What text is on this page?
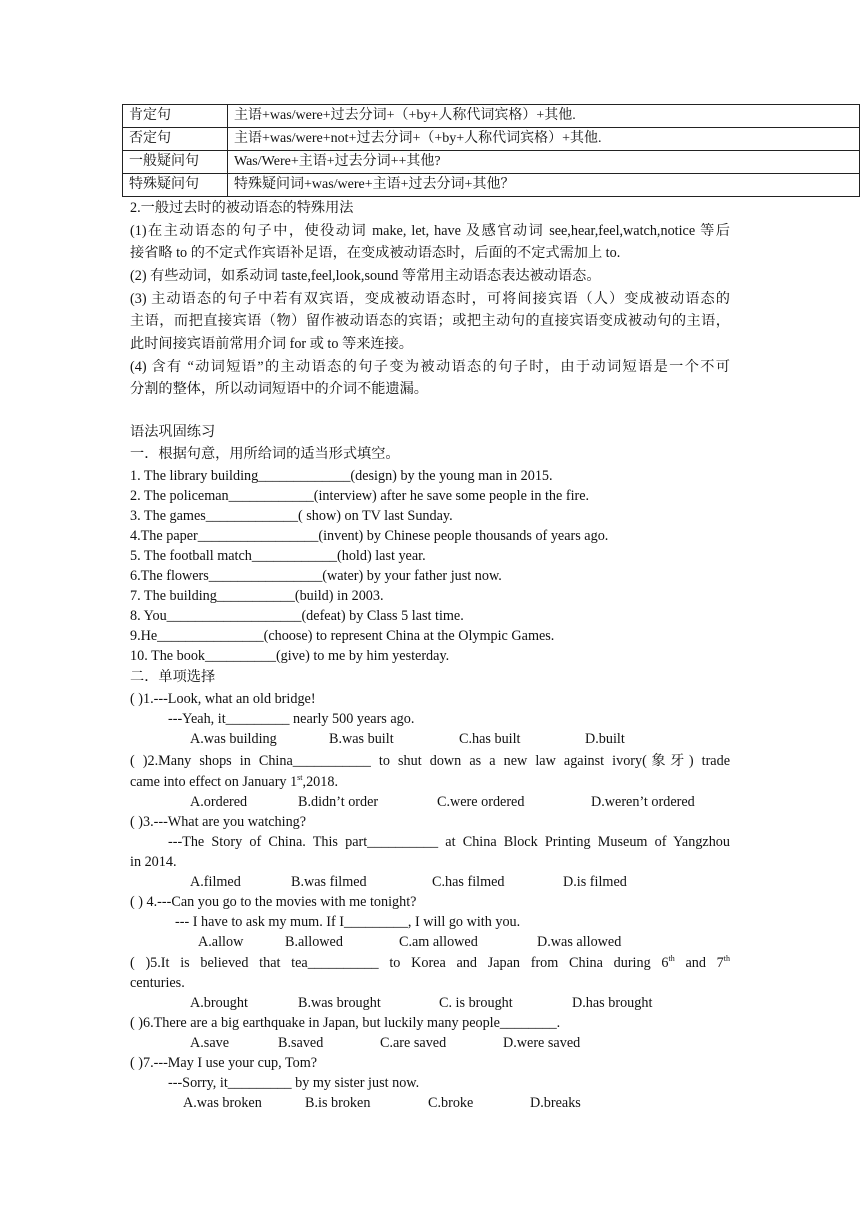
肯定句	主语+was/were+过去分词+（+by+人称代词宾格）+其他.
否定句	主语+was/were+not+过去分词+（+by+人称代词宾格）+其他.
一般疑问句	Was/Were+主语+过去分词++其他?
特殊疑问句	特殊疑问词+was/were+主语+过去分词+其他？
2.一般过去时的被动语态的特殊用法
(1)在主动语态的句子中，使役动词 make, let, have 及感官动词 see,hear,feel,watch,notice 等后
接省略 to 的不定式作宾语补足语，在变成被动语态时，后面的不定式需加上 to.
(2) 有些动词，如系动词 taste,feel,look,sound 等常用主动语态表达被动语态。
(3) 主动语态的句子中若有双宾语，变成被动语态时，可将间接宾语（人）变成被动语态的
主语，而把直接宾语（物）留作被动语态的宾语；或把主动句的直接宾语变成被动句的主语，
此时间接宾语前常用介词 for 或 to 等来连接。
(4) 含有 “动词短语”的主动语态的句子变为被动语态的句子时，由于动词短语是一个不可
分割的整体，所以动词短语中的介词不能遗漏。
语法巩固练习
一．根据句意，用所给词的适当形式填空。
1. The library building_____________(design) by the young man in 2015.
2. The policeman____________(interview) after he save some people in the fire.
3. The games_____________( show) on TV last Sunday.
4.The paper_________________(invent) by Chinese people thousands of years ago.
5. The football match____________(hold) last year.
6.The flowers________________(water) by your father just now.
7. The building___________(build) in 2003.
8. You___________________(defeat) by Class 5 last time.
9.He_______________(choose) to represent China at the Olympic Games.
10. The book__________(give) to me by him yesterday.
二．单项选择
( )1.---Look, what an old bridge!
---Yeah, it_________ nearly 500 years ago.
A.was building	B.was built	C.has built	D.built
( )2.Many shops in China___________ to shut down as a new law against ivory(象牙) trade
came into effect on January 1st,2018.
A.ordered	B.didn’t order	C.were ordered	D.weren’t ordered
( )3.---What are you watching?
---The Story of China. This part__________ at China Block Printing Museum of Yangzhou
in 2014.
A.filmed	B.was filmed	C.has filmed	D.is filmed
( ) 4.---Can you go to the movies with me tonight?
--- I have to ask my mum. If I_________, I will go with you.
A.allow	B.allowed	C.am allowed	D.was allowed
( )5.It is believed that tea__________ to Korea and Japan from China during 6th and 7th
centuries.
A.brought	B.was brought	C. is brought	D.has brought
( )6.There are a big earthquake in Japan, but luckily many people________.
A.save	B.saved	C.are saved	D.were saved
( )7.---May I use your cup, Tom?
---Sorry, it_________ by my sister just now.
A.was broken	B.is broken	C.broke	D.breaks
